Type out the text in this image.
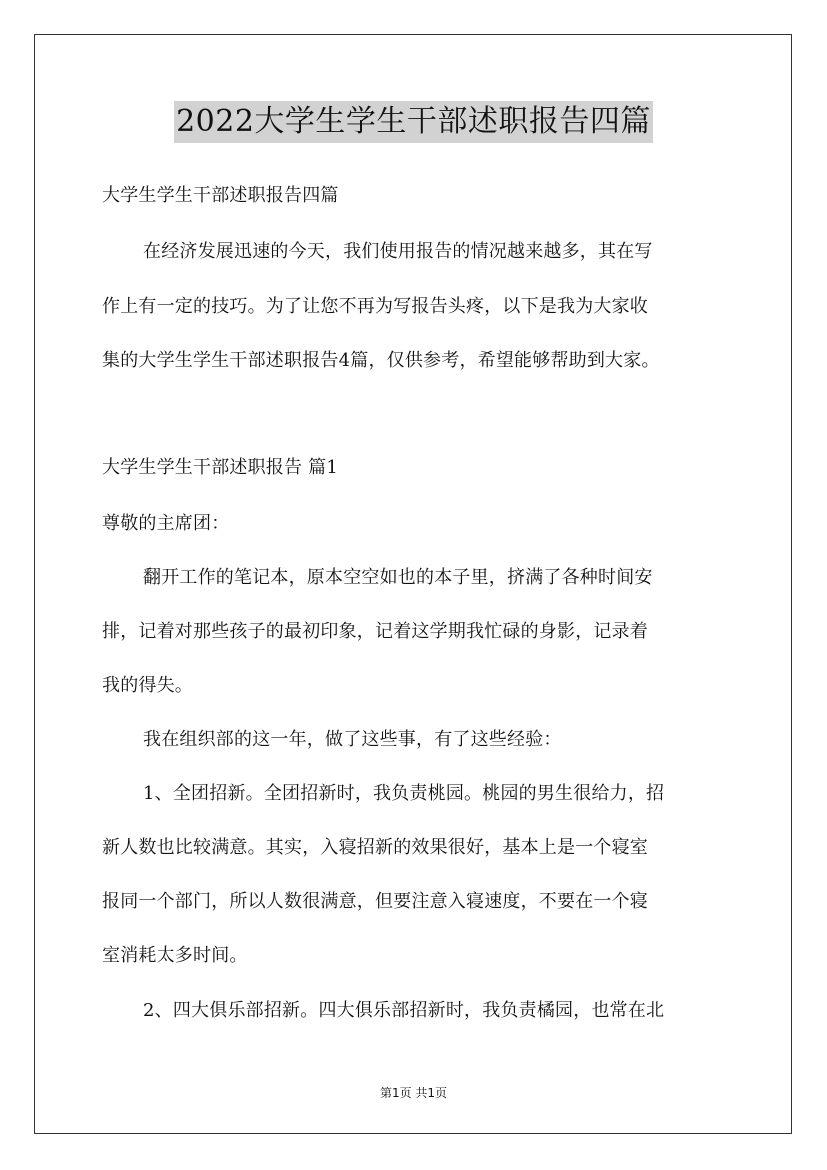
2022大学生学生干部述职报告四篇
大学生学生干部述职报告四篇
在经济发展迅速的今天，我们使用报告的情况越来越多，其在写
作上有一定的技巧。为了让您不再为写报告头疼，以下是我为大家收
集的大学生学生干部述职报告4篇，仅供参考，希望能够帮助到大家。
大学生学生干部述职报告 篇1
尊敬的主席团：
翻开工作的笔记本，原本空空如也的本子里，挤满了各种时间安
排，记着对那些孩子的最初印象，记着这学期我忙碌的身影，记录着
我的得失。
我在组织部的这一年，做了这些事，有了这些经验：
1、全团招新。全团招新时，我负责桃园。桃园的男生很给力，招
新人数也比较满意。其实，入寝招新的效果很好，基本上是一个寝室
报同一个部门，所以人数很满意，但要注意入寝速度，不要在一个寝
室消耗太多时间。
2、四大俱乐部招新。四大俱乐部招新时，我负责橘园，也常在北
第1页 共1页
